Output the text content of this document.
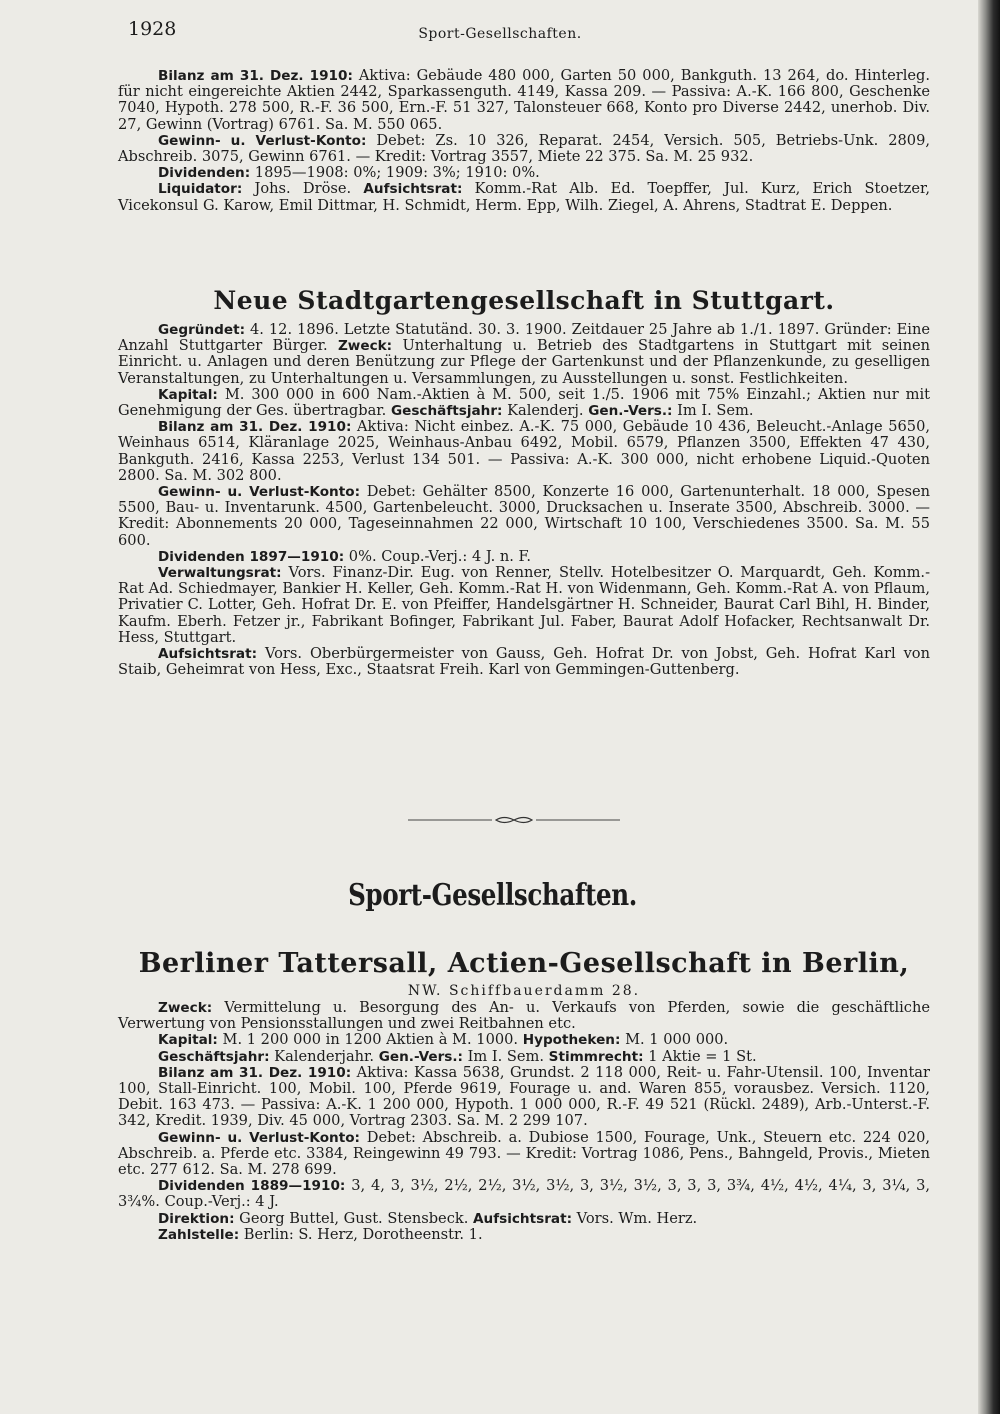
1928	Sport-Gesellschaften.

Bilanz am 31. Dez. 1910: Aktiva: Gebäude 480 000, Garten 50 000, Bankguth. 13 264, do. Hinterleg. für nicht eingereichte Aktien 2442, Sparkassenguth. 4149, Kassa 209. — Passiva: A.-K. 166 800, Geschenke 7040, Hypoth. 278 500, R.-F. 36 500, Ern.-F. 51 327, Talonsteuer 668, Konto pro Diverse 2442, unerhob. Div. 27, Gewinn (Vortrag) 6761. Sa. M. 550 065.

Gewinn- u. Verlust-Konto: Debet: Zs. 10 326, Reparat. 2454, Versich. 505, Betriebs-Unk. 2809, Abschreib. 3075, Gewinn 6761. — Kredit: Vortrag 3557, Miete 22 375. Sa. M. 25 932.

Dividenden: 1895—1908: 0%; 1909: 3%; 1910: 0%.

Liquidator: Johs. Dröse. Aufsichtsrat: Komm.-Rat Alb. Ed. Toepffer, Jul. Kurz, Erich Stoetzer, Vicekonsul G. Karow, Emil Dittmar, H. Schmidt, Herm. Epp, Wilh. Ziegel, A. Ahrens, Stadtrat E. Deppen.

Neue Stadtgartengesellschaft in Stuttgart.

Gegründet: 4. 12. 1896. Letzte Statutänd. 30. 3. 1900. Zeitdauer 25 Jahre ab 1./1. 1897. Gründer: Eine Anzahl Stuttgarter Bürger. Zweck: Unterhaltung u. Betrieb des Stadtgartens in Stuttgart mit seinen Einricht. u. Anlagen und deren Benützung zur Pflege der Gartenkunst und der Pflanzenkunde, zu geselligen Veranstaltungen, zu Unterhaltungen u. Versammlungen, zu Ausstellungen u. sonst. Festlichkeiten.

Kapital: M. 300 000 in 600 Nam.-Aktien à M. 500, seit 1./5. 1906 mit 75% Einzahl.; Aktien nur mit Genehmigung der Ges. übertragbar. Geschäftsjahr: Kalenderj. Gen.-Vers.: Im I. Sem.

Bilanz am 31. Dez. 1910: Aktiva: Nicht einbez. A.-K. 75 000, Gebäude 10 436, Beleucht.-Anlage 5650, Weinhaus 6514, Kläranlage 2025, Weinhaus-Anbau 6492, Mobil. 6579, Pflanzen 3500, Effekten 47 430, Bankguth. 2416, Kassa 2253, Verlust 134 501. — Passiva: A.-K. 300 000, nicht erhobene Liquid.-Quoten 2800. Sa. M. 302 800.

Gewinn- u. Verlust-Konto: Debet: Gehälter 8500, Konzerte 16 000, Gartenunterhalt. 18 000, Spesen 5500, Bau- u. Inventarunk. 4500, Gartenbeleucht. 3000, Drucksachen u. Inserate 3500, Abschreib. 3000. — Kredit: Abonnements 20 000, Tageseinnahmen 22 000, Wirtschaft 10 100, Verschiedenes 3500. Sa. M. 55 600.

Dividenden 1897—1910: 0%. Coup.-Verj.: 4 J. n. F.

Verwaltungsrat: Vors. Finanz-Dir. Eug. von Renner, Stellv. Hotelbesitzer O. Marquardt, Geh. Komm.-Rat Ad. Schiedmayer, Bankier H. Keller, Geh. Komm.-Rat H. von Widenmann, Geh. Komm.-Rat A. von Pflaum, Privatier C. Lotter, Geh. Hofrat Dr. E. von Pfeiffer, Handelsgärtner H. Schneider, Baurat Carl Bihl, H. Binder, Kaufm. Eberh. Fetzer jr., Fabrikant Bofinger, Fabrikant Jul. Faber, Baurat Adolf Hofacker, Rechtsanwalt Dr. Hess, Stuttgart.

Aufsichtsrat: Vors. Oberbürgermeister von Gauss, Geh. Hofrat Dr. von Jobst, Geh. Hofrat Karl von Staib, Geheimrat von Hess, Exc., Staatsrat Freih. Karl von Gemmingen-Guttenberg.

Sport-Gesellschaften.
Berliner Tattersall, Actien-Gesellschaft in Berlin,
NW. Schiffbauerdamm 28.

Zweck: Vermittelung u. Besorgung des An- u. Verkaufs von Pferden, sowie die geschäftliche Verwertung von Pensionsstallungen und zwei Reitbahnen etc.

Kapital: M. 1 200 000 in 1200 Aktien à M. 1000. Hypotheken: M. 1 000 000.

Geschäftsjahr: Kalenderjahr. Gen.-Vers.: Im I. Sem. Stimmrecht: 1 Aktie = 1 St.

Bilanz am 31. Dez. 1910: Aktiva: Kassa 5638, Grundst. 2 118 000, Reit- u. Fahr-Utensil. 100, Inventar 100, Stall-Einricht. 100, Mobil. 100, Pferde 9619, Fourage u. and. Waren 855, vorausbez. Versich. 1120, Debit. 163 473. — Passiva: A.-K. 1 200 000, Hypoth. 1 000 000, R.-F. 49 521 (Rückl. 2489), Arb.-Unterst.-F. 342, Kredit. 1939, Div. 45 000, Vortrag 2303. Sa. M. 2 299 107.

Gewinn- u. Verlust-Konto: Debet: Abschreib. a. Dubiose 1500, Fourage, Unk., Steuern etc. 224 020, Abschreib. a. Pferde etc. 3384, Reingewinn 49 793. — Kredit: Vortrag 1086, Pens., Bahngeld, Provis., Mieten etc. 277 612. Sa. M. 278 699.

Dividenden 1889—1910: 3, 4, 3, 3½, 2½, 2½, 3½, 3½, 3, 3½, 3½, 3, 3, 3, 3¾, 4½, 4½, 4¼, 3, 3¼, 3, 3¾%. Coup.-Verj.: 4 J.

Direktion: Georg Buttel, Gust. Stensbeck. Aufsichtsrat: Vors. Wm. Herz.

Zahlstelle: Berlin: S. Herz, Dorotheenstr. 1.
